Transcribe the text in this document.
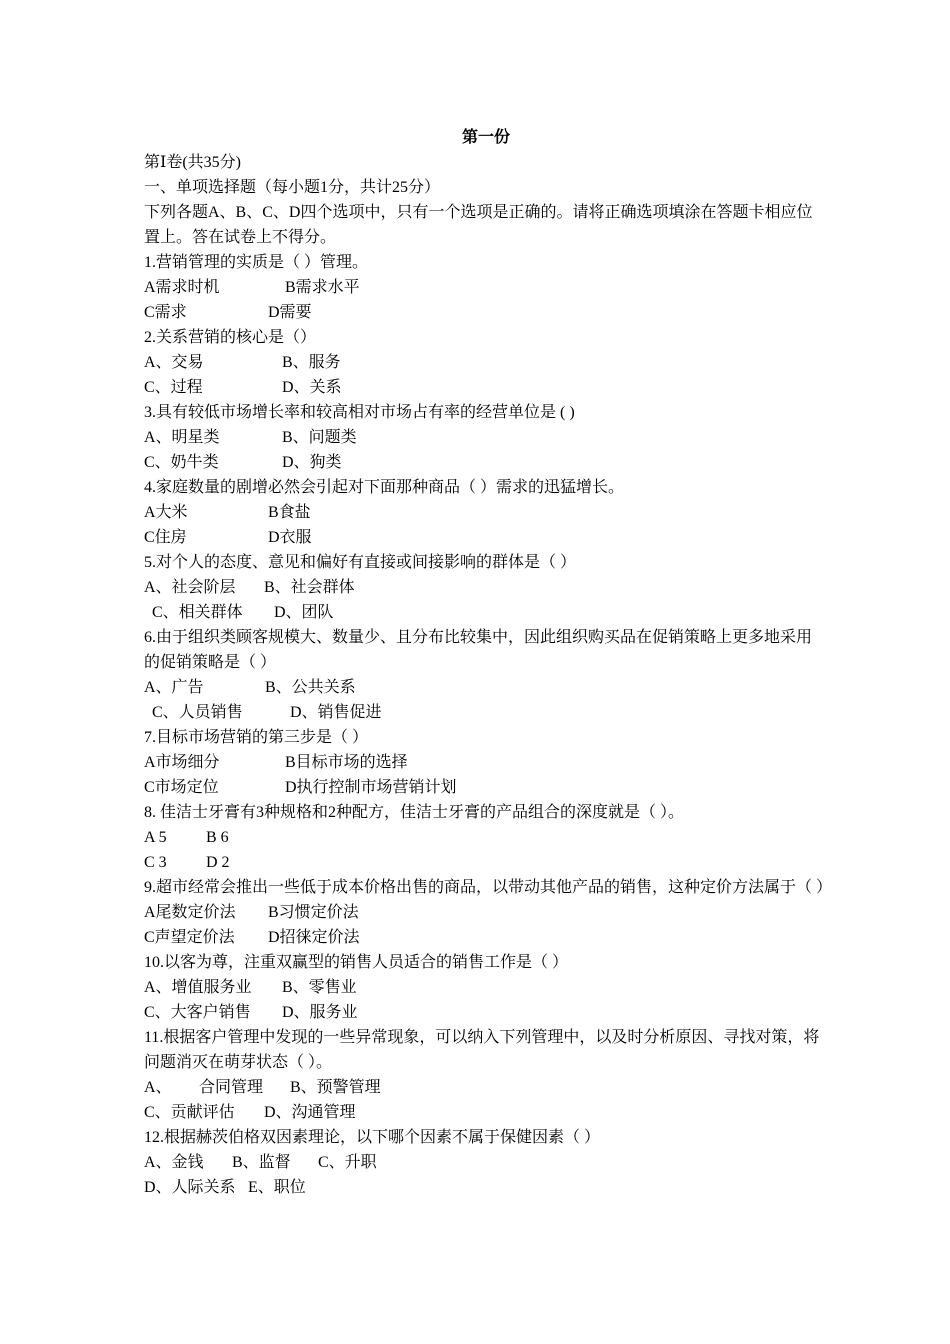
第一份
第Ⅰ卷(共35分)
一、单项选择题（每小题1分，共计25分）
下列各题A、B、C、D四个选项中，只有一个选项是正确的。请将正确选项填涂在答题卡相应位置上。答在试卷上不得分。
1.营销管理的实质是（ ）管理。
A需求时机	B需求水平
C需求	D需要
2.关系营销的核心是（）
A、交易	B、服务
C、过程	D、关系
3.具有较低市场增长率和较高相对市场占有率的经营单位是 ( )
A、明星类	B、问题类
C、奶牛类	D、狗类
4.家庭数量的剧增必然会引起对下面那种商品（ ）需求的迅猛增长。
A大米	B食盐
C住房	D衣服
5.对个人的态度、意见和偏好有直接或间接影响的群体是（ ）
A、社会阶层 B、社会群体
C、相关群体 D、团队
6.由于组织类顾客规模大、数量少、且分布比较集中，因此组织购买品在促销策略上更多地采用的促销策略是（ ）
A、广告	B、公共关系
C、人员销售	D、销售促进
7.目标市场营销的第三步是（ ）
A市场细分	B目标市场的选择
C市场定位	D执行控制市场营销计划
8. 佳洁士牙膏有3种规格和2种配方，佳洁士牙膏的产品组合的深度就是（ ）。
A 5 B 6
C 3 D 2
9.超市经常会推出一些低于成本价格出售的商品，以带动其他产品的销售，这种定价方法属于（ ）
A尾数定价法 B习惯定价法
C声望定价法 D招徕定价法
10.以客为尊，注重双赢型的销售人员适合的销售工作是（ ）
A、增值服务业 B、零售业
C、大客户销售 D、服务业
11.根据客户管理中发现的一些异常现象，可以纳入下列管理中，以及时分析原因、寻找对策，将问题消灭在萌芽状态（ ）。
A、 合同管理 B、预警管理
C、贡献评估 D、沟通管理
12.根据赫茨伯格双因素理论，以下哪个因素不属于保健因素（ ）
A、金钱 B、监督 C、升职
D、人际关系 E、职位
